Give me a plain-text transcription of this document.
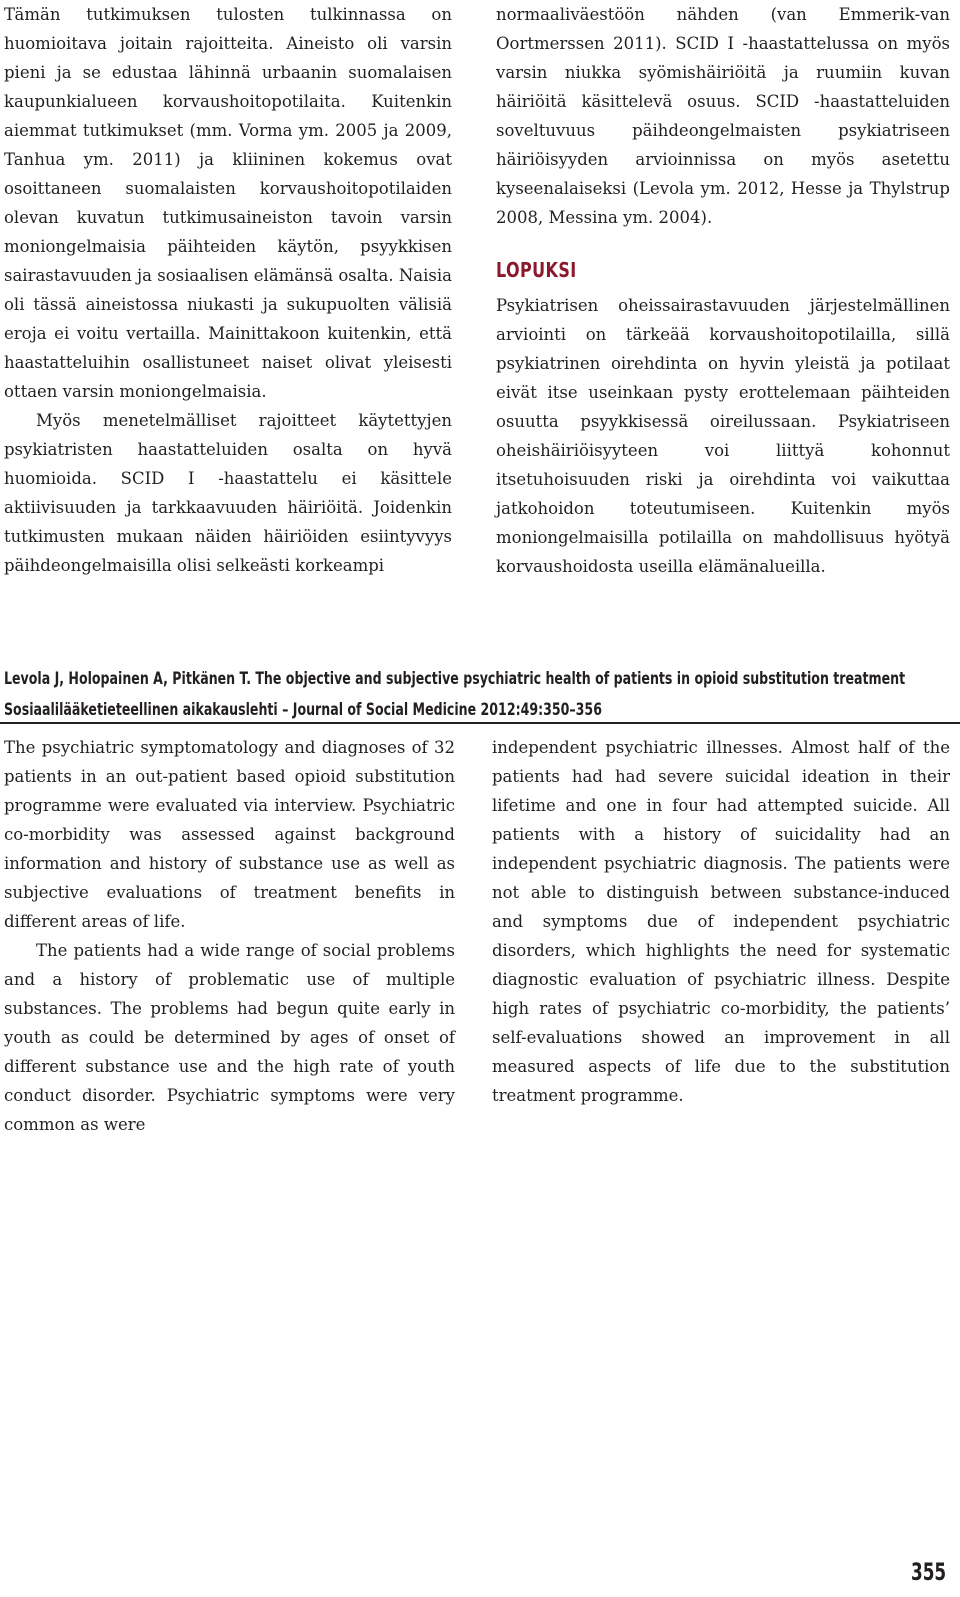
Tämän tutkimuksen tulosten tulkinnassa on huomioitava joitain rajoitteita. Aineisto oli varsin pieni ja se edustaa lähinnä urbaanin suomalaisen kaupunkialueen korvaushoitopotilaita. Kuitenkin aiemmat tutkimukset (mm. Vorma ym. 2005 ja 2009, Tanhua ym. 2011) ja kliininen kokemus ovat osoittaneen suomalaisten korvaushoitopotilaiden olevan kuvatun tutkimusaineiston tavoin varsin moniongelmaisia päihteiden käytön, psyykkisen sairastavuuden ja sosiaalisen elämänsä osalta. Naisia oli tässä aineistossa niukasti ja sukupuolten välisiä eroja ei voitu vertailla. Mainittakoon kuitenkin, että haastatteluihin osallistuneet naiset olivat yleisesti ottaen varsin moniongelmaisia.

Myös menetelmälliset rajoitteet käytettyjen psykiatristen haastatteluiden osalta on hyvä huomioida. SCID I -haastattelu ei käsittele aktiivisuuden ja tarkkaavuuden häiriöitä. Joidenkin tutkimusten mukaan näiden häiriöiden esiintyvyys päihdeongelmaisilla olisi selkeästi korkeampi

normaaliväestöön nähden (van Emmerik-van Oortmerssen 2011). SCID I -haastattelussa on myös varsin niukka syömishäiriöitä ja ruumiin kuvan häiriöitä käsittelevä osuus. SCID -haastatteluiden soveltuvuus päihdeongelmaisten psykiatriseen häiriöisyyden arvioinnissa on myös asetettu kyseenalaiseksi (Levola ym. 2012, Hesse ja Thylstrup 2008, Messina ym. 2004).

LOPUKSI

Psykiatrisen oheissairastavuuden järjestelmällinen arviointi on tärkeää korvaushoitopotilailla, sillä psykiatrinen oirehdinta on hyvin yleistä ja potilaat eivät itse useinkaan pysty erottelemaan päihteiden osuutta psyykkisessä oireilussaan. Psykiatriseen oheishäiriöisyyteen voi liittyä kohonnut itsetuhoisuuden riski ja oirehdinta voi vaikuttaa jatkohoidon toteutumiseen. Kuitenkin myös moniongelmaisilla potilailla on mahdollisuus hyötyä korvaushoidosta useilla elämänalueilla.

Levola J, Holopainen A, Pitkänen T. The objective and subjective psychiatric health of patients in opioid substitution treatment
Sosiaalilääketieteellinen aikakauslehti – Journal of Social Medicine 2012:49:350–356

The psychiatric symptomatology and diagnoses of 32 patients in an out-patient based opioid substitution programme were evaluated via interview. Psychiatric co-morbidity was assessed against background information and history of substance use as well as subjective evaluations of treatment benefits in different areas of life.

The patients had a wide range of social problems and a history of problematic use of multiple substances. The problems had begun quite early in youth as could be determined by ages of onset of different substance use and the high rate of youth conduct disorder. Psychiatric symptoms were very common as were

independent psychiatric illnesses. Almost half of the patients had had severe suicidal ideation in their lifetime and one in four had attempted suicide. All patients with a history of suicidality had an independent psychiatric diagnosis. The patients were not able to distinguish between substance-induced and symptoms due of independent psychiatric disorders, which highlights the need for systematic diagnostic evaluation of psychiatric illness. Despite high rates of psychiatric co-morbidity, the patients’ self-evaluations showed an improvement in all measured aspects of life due to the substitution treatment programme.

355
